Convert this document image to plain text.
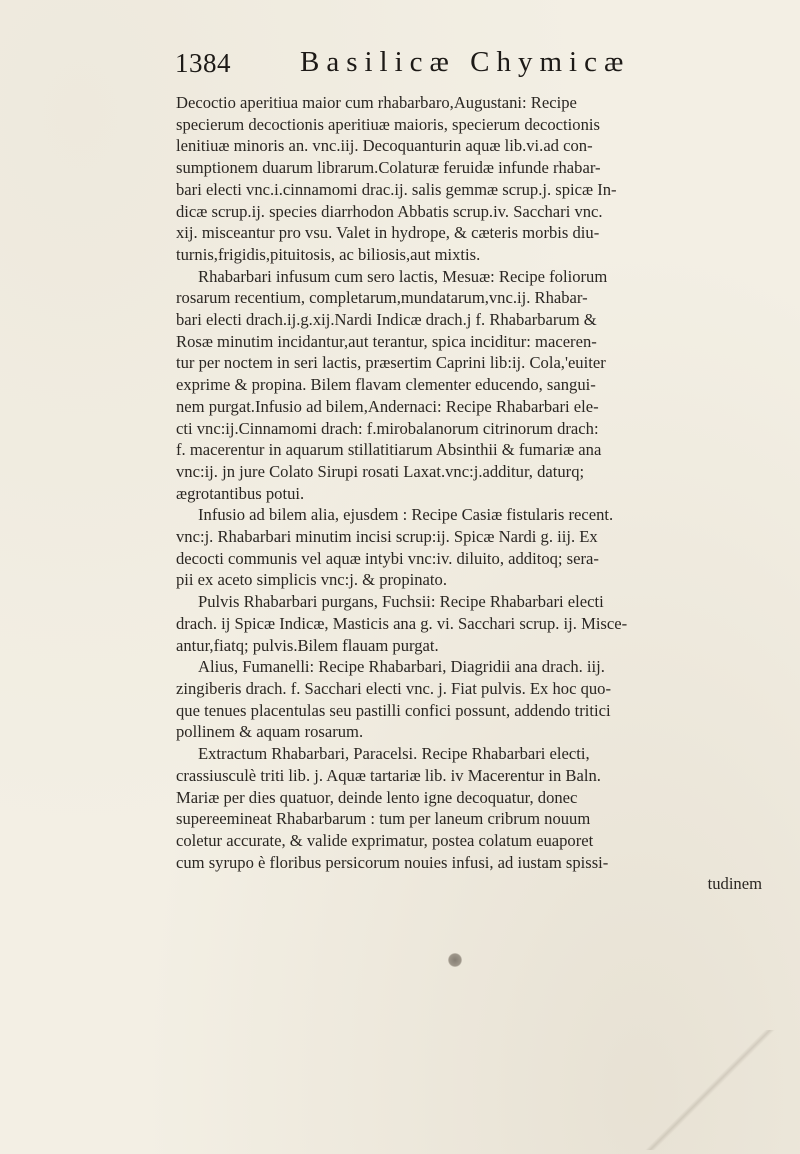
1384 Basilicæ Chymicæ
Decoctio aperitiua maior cum rhabarbaro,Augustani: Recipe
specierum decoctionis aperitiuæ maioris, specierum decoctionis
lenitiuæ minoris an. vnc.iij. Decoquanturin aquæ lib.vi.ad con-
sumptionem duarum librarum.Colaturæ feruidæ infunde rhabar-
bari electi vnc.i.cinnamomi drac.ij. salis gemmæ scrup.j. spicæ In-
dicæ scrup.ij. species diarrhodon Abbatis scrup.iv. Sacchari vnc.
xij. misceantur pro vsu. Valet in hydrope, & cæteris morbis diu-
turnis,frigidis,pituitosis, ac biliosis,aut mixtis.
Rhabarbari infusum cum sero lactis, Mesuæ: Recipe foliorum
rosarum recentium, completarum,mundatarum,vnc.ij. Rhabar-
bari electi drach.ij.g.xij.Nardi Indicæ drach.j f. Rhabarbarum &
Rosæ minutim incidantur,aut terantur, spica inciditur: maceren-
tur per noctem in seri lactis, præsertim Caprini lib:ij. Cola,'euiter
exprime & propina. Bilem flavam clementer educendo, sangui-
nem purgat.Infusio ad bilem,Andernaci: Recipe Rhabarbari ele-
cti vnc:ij.Cinnamomi drach: f.mirobalanorum citrinorum drach:
f. macerentur in aquarum stillatitiarum Absinthii & fumariæ ana
vnc:ij. jn jure Colato Sirupi rosati Laxat.vnc:j.additur, daturq;
ægrotantibus potui.
Infusio ad bilem alia, ejusdem : Recipe Casiæ fistularis recent.
vnc:j. Rhabarbari minutim incisi scrup:ij. Spicæ Nardi g. iij. Ex
decocti communis vel aquæ intybi vnc:iv. diluito, additoq; sera-
pii ex aceto simplicis vnc:j. & propinato.
Pulvis Rhabarbari purgans, Fuchsii: Recipe Rhabarbari electi
drach. ij Spicæ Indicæ, Masticis ana g. vi. Sacchari scrup. ij. Misce-
antur,fiatq; pulvis.Bilem flauam purgat.
Alius, Fumanelli: Recipe Rhabarbari, Diagridii ana drach. iij.
zingiberis drach. f. Sacchari electi vnc. j. Fiat pulvis. Ex hoc quo-
que tenues placentulas seu pastilli confici possunt, addendo tritici
pollinem & aquam rosarum.
Extractum Rhabarbari, Paracelsi. Recipe Rhabarbari electi,
crassiusculè triti lib. j. Aquæ tartariæ lib. iv Macerentur in Baln.
Mariæ per dies quatuor, deinde lento igne decoquatur, donec
supereemineat Rhabarbarum : tum per laneum cribrum nouum
coletur accurate, & valide exprimatur, postea colatum euaporet
cum syrupo è floribus persicorum nouies infusi, ad iustam spissi-
tudinem
